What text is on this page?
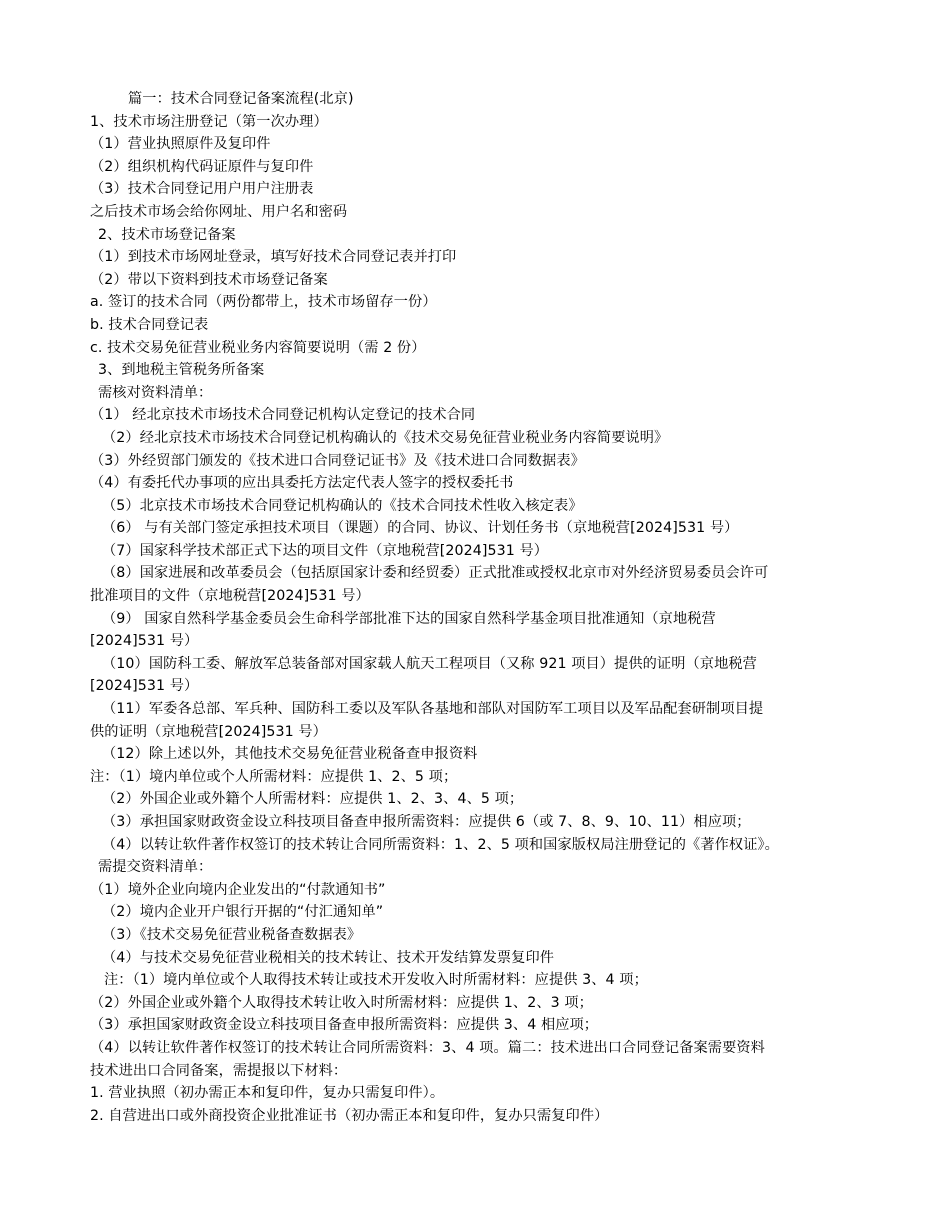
篇一：技术合同登记备案流程(北京)
1、技术市场注册登记（第一次办理）
（1）营业执照原件及复印件
（2）组织机构代码证原件与复印件
（3）技术合同登记用户用户注册表
之后技术市场会给你网址、用户名和密码
2、技术市场登记备案
（1）到技术市场网址登录，填写好技术合同登记表并打印
（2）带以下资料到技术市场登记备案
a. 签订的技术合同（两份都带上，技术市场留存一份）
b. 技术合同登记表
c. 技术交易免征营业税业务内容简要说明（需 2 份）
3、到地税主管税务所备案
需核对资料清单：
（1） 经北京技术市场技术合同登记机构认定登记的技术合同
（2）经北京技术市场技术合同登记机构确认的《技术交易免征营业税业务内容简要说明》
（3）外经贸部门颁发的《技术进口合同登记证书》及《技术进口合同数据表》
（4）有委托代办事项的应出具委托方法定代表人签字的授权委托书
（5）北京技术市场技术合同登记机构确认的《技术合同技术性收入核定表》
（6） 与有关部门签定承担技术项目（课题）的合同、协议、计划任务书（京地税营[2024]531 号）
（7）国家科学技术部正式下达的项目文件（京地税营[2024]531 号）
（8）国家进展和改革委员会（包括原国家计委和经贸委）正式批准或授权北京市对外经济贸易委员会许可
批准项目的文件（京地税营[2024]531 号）
（9） 国家自然科学基金委员会生命科学部批准下达的国家自然科学基金项目批准通知（京地税营
[2024]531 号）
（10）国防科工委、解放军总装备部对国家载人航天工程项目（又称 921 项目）提供的证明（京地税营
[2024]531 号）
（11）军委各总部、军兵种、国防科工委以及军队各基地和部队对国防军工项目以及军品配套研制项目提
供的证明（京地税营[2024]531 号）
（12）除上述以外，其他技术交易免征营业税备查申报资料
注：（1）境内单位或个人所需材料：应提供 1、2、5 项；
（2）外国企业或外籍个人所需材料：应提供 1、2、3、4、5 项；
（3）承担国家财政资金设立科技项目备查申报所需资料：应提供 6（或 7、8、9、10、11）相应项；
（4）以转让软件著作权签订的技术转让合同所需资料：1、2、5 项和国家版权局注册登记的《著作权证》。
需提交资料清单：
（1）境外企业向境内企业发出的“付款通知书”
（2）境内企业开户银行开据的“付汇通知单”
（3）《技术交易免征营业税备查数据表》
（4）与技术交易免征营业税相关的技术转让、技术开发结算发票复印件
注：（1）境内单位或个人取得技术转让或技术开发收入时所需材料：应提供 3、4 项；
（2）外国企业或外籍个人取得技术转让收入时所需材料：应提供 1、2、3 项；
（3）承担国家财政资金设立科技项目备查申报所需资料：应提供 3、4 相应项；
（4）以转让软件著作权签订的技术转让合同所需资料：3、4 项。篇二：技术进出口合同登记备案需要资料
技术进出口合同备案，需提报以下材料：
1. 营业执照（初办需正本和复印件，复办只需复印件）。
2. 自营进出口或外商投资企业批准证书（初办需正本和复印件，复办只需复印件）
